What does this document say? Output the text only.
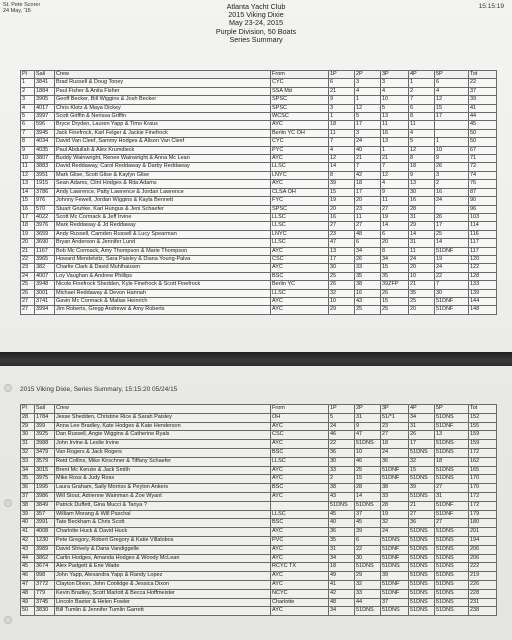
St. Pete Scorer
24 May, '15
15:15:19
Atlanta Yacht Club
2015 Viking Dixie
May 23-24, 2015
Purple Division, 50 Boats
Series Summary
Pl	Sail	Crew	From	1P	2P	3P	4P	5P	Tot
1	3841	Brad Russell & Doug Toney	CYC	6	3	3	1	6	22
2	1884	Paul Fisher & Anita Fisher	SSA Md	21	4	4	2	4	37
3	3905	Geoff Becker, Bill Wiggins & Josh Becker	SPSC	9	1	10	7	12	39
4	4017	Chris Klotz & Maya Dickey	SPSC	3	12	5	6	15	41
5	3997	Scott Griffin & Nerissa Griffin	WCSC	1	5	13	8	17	44
6	596	Bryce Dryden, Lauren Yapp & Timo Kraus	AYC	18	17	11	11		45
7	3945	Jack Finefrock, Karl Felger & Jackie Finefrock	Berlin YC OH	11	3	16	4		50
8	4034	David Van Cleef, Sammy Hodges & Alison Van Cleef	CYC	7	24	13	5	1	50
9	4035	Paul Abdullah & Alex Krumdieck	PYC	4	40	1	12	10	67
10	3807	Buddy Wainwright, Renee Wainwright & Anna Mc Lean	AYC	12	21	21	8	9	71
11	3883	David Reddaway, Carol Reddaway & Darby Reddaway	LLSC	14	7	7	18	26	72
12	3951	Mark Glise, Scott Glise & Kaylyn Glise	LNYC	8	42	12	9	3	74
13	1915	Sean Adams, Clint Hodges & Rita Adams	AYC	39	18	4	13	2	76
14	3786	Andy Lawrence, Patty Lawrence & Jordan Lawrence	CLSA OH	15	17	9	30	16	87
15	976	Johnny Fewell, Jordan Wiggins & Kayla Bennett	FYC	19	20	11	16	24	90
16	570	Stuart Gruhke, Karl Hungus & Jeni Schaefer	SPSC	20	23	27	28		96
17	4022	Scott Mc Cormack & Jeff Irvine	LLSC	16	11	19	31	26	103
18	3976	Mark Reddaway & Jd Reddaway	LLSC	27	27	14	29	17	114
19	3659	Andy Russell, Camden Russell & Lucy Spearman	LNYC	23	48	6	14	25	116
20	3690	Bryan Anderson & Jennifer Lund	LLSC	47	6	20	31	14	117
21	1167	Bob Mc Cormack, Amy Thompson & Marie Thompson	AYC	13	34	8	11	51DNF	117
22	3965	Howard Mendelvitz, Sara Paisley & Diana Young-Palva	CSC	17	26	34	24	19	120
23	382	Charlie Clark & David Muhlhausen	AYC	30	33	15	20	24	122
24	4007	Loy Vaughan & Andrew Phillips	BSC	25	35	35	10	22	128
25	3948	Nicole Finefrock Shedden, Kyle Finefrock & Scott Finefrock	Berlin YC	26	38	39ZFP	21	7	133
26	3001	Michael Reddaway & Devon Hannah	LLSC	32	16	26	35	30	139
27	3741	Gavin Mc Cormack & Matias Heinrich	AYC	10	43	15	25	51DNF	144
27	3994	Jim Roberts, Gregg Andrews & Amy Roberts	AYC	29	25	25	20	51DNF	148
2015 Viking Dixie, Series Summary, 15:15:20 05/24/15
Pl	Sail	Crew	From	1P	2P	3P	4P	5P	Tot
28	1784	Jesse Shedden, Christine Rice & Sarah Paisley	OH	5	31	51/*1	34	51DNS	152
29	399	Anna Lee Bradley, Kate Hodges & Kate Henderson	AYC	24	9	23	31	51DNF	155
30	3925	Dan Russell, Angie Wiggins & Catherine Ryals	CSC	46	47	27	26	13	159
31	3988	John Irvine & Leslie Irvine	AYC	22	51DNS	18	17	51DNS	159
32	3479	Van Rogers & Jack Rogers	BSC	36	10	24	51DNS	51DNS	172
33	3579	Reid Collins, Mike Kirschner & Tiffany Schaefer	LLSC	30	46	36	32	18	162
34	3015	Brent Mc Kenzie & Jack Smith	AYC	33	25	51DNF	15	51DNS	165
35	3975	Mike Ross & Judy Ross	AYC	2	15	51DNF	51DNS	51DNS	170
36	1995	Laura Graham, Sally Morriss & Peyton Ankers	BSC	38	28	38	39	27	170
37	3986	Will Stout, Adrienne Wainman & Zoe Wyant	AYC	43	14	33	51DNS	31	172
38	3849	Patrick Duffett, Gina Mucci & Tanya ?		51DNS	51DNS	28	21	51DNF	172
39	357	William Morang & Will Paschal	LLSC	45	37	19	27	51DNF	179
40	3991	Tate Beckham & Chris Scott	BSC	40	45	32	36	27	180
41	4008	Charlotte Huck & David Huck	AYC	36	39	24	51DNS	51DNS	201
42	1230	Pete Gregory, Robert Gregory & Katie Villalobos	PVC	35	6	51DNS	51DNS	51DNS	194
43	3989	David Shively & Dana Vandiggelle	AYC	31	22	51DNF	51DNS	51DNS	206
44	3862	Carlin Hodges, Amanda Hodges & Woody McLean	AYC	34	30	51DNF	51DNS	51DNS	206
45	3674	Alex Padgett & Erie Wade	RCYC TX	18	51DNS	51DNS	51DNS	51DNS	222
46	998	John Yapp, Alexandra Yapp & Randy Lopez	AYC	49	29	39	51DNS	51DNS	219
47	3772	Clayton Dixon, John Coolidge & Jessica Dixon	AYC	41	32	51DNF	51DNS	51DNS	226
48	779	Kevin Bradley, Scott Marlott & Becca Hoffmeister	NCYC	42	33	51DNF	51DNS	51DNS	228
49	3745	Lincoln Baxter & Helen Fowler	Charlotte	48	44	37	51DNS	51DNS	231
50	3830	Bill Tumlin & Jennifer Tumlin Garrett	AYC	34	51DNS	51DNS	51DNS	51DNS	238
